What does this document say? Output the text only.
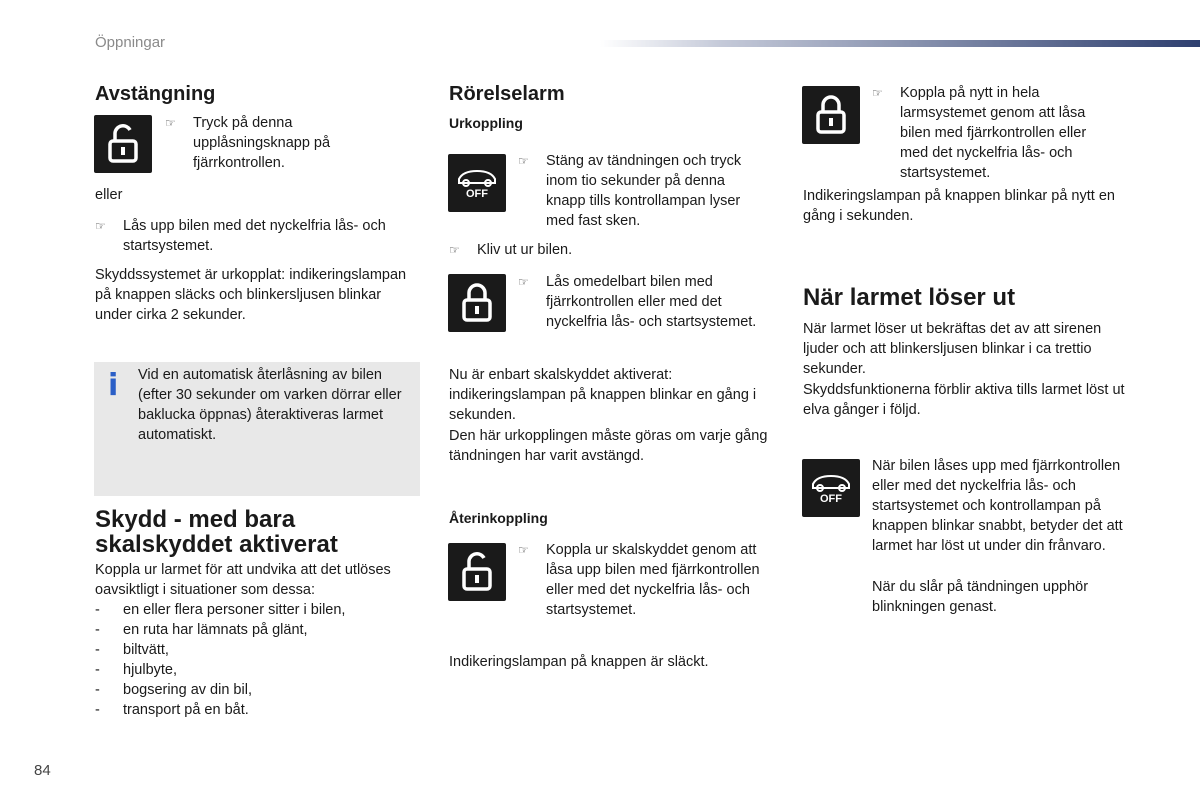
Öppningar
Avstängning
☞ Tryck på denna upplåsningsknapp på fjärrkontrollen.
eller
☞ Lås upp bilen med det nyckelfria lås- och startsystemet.
Skyddssystemet är urkopplat: indikeringslampan på knappen släcks och blinkersljusen blinkar under cirka 2 sekunder.
i Vid en automatisk återlåsning av bilen (efter 30 sekunder om varken dörrar eller baklucka öppnas) återaktiveras larmet automatiskt.
Skydd - med bara skalskyddet aktiverat
Koppla ur larmet för att undvika att det utlöses oavsiktligt i situationer som dessa:
- en eller flera personer sitter i bilen,
- en ruta har lämnats på glänt,
- biltvätt,
- hjulbyte,
- bogsering av din bil,
- transport på en båt.
Rörelselarm
Urkoppling
OFF
☞ Stäng av tändningen och tryck inom tio sekunder på denna knapp tills kontrollampan lyser med fast sken.
☞ Kliv ut ur bilen.
☞ Lås omedelbart bilen med fjärrkontrollen eller med det nyckelfria lås- och startsystemet.
Nu är enbart skalskyddet aktiverat: indikeringslampan på knappen blinkar en gång i sekunden.
Den här urkopplingen måste göras om varje gång tändningen har varit avstängd.
Återinkoppling
☞ Koppla ur skalskyddet genom att låsa upp bilen med fjärrkontrollen eller med det nyckelfria lås- och startsystemet.
Indikeringslampan på knappen är släckt.
☞ Koppla på nytt in hela larmsystemet genom att låsa bilen med fjärrkontrollen eller med det nyckelfria lås- och startsystemet.
Indikeringslampan på knappen blinkar på nytt en gång i sekunden.
När larmet löser ut
När larmet löser ut bekräftas det av att sirenen ljuder och att blinkersljusen blinkar i ca trettio sekunder.
Skyddsfunktionerna förblir aktiva tills larmet löst ut elva gånger i följd.
OFF
När bilen låses upp med fjärrkontrollen eller med det nyckelfria lås- och startsystemet och kontrollampan på knappen blinkar snabbt, betyder det att larmet har löst ut under din frånvaro.
När du slår på tändningen upphör blinkningen genast.
84
